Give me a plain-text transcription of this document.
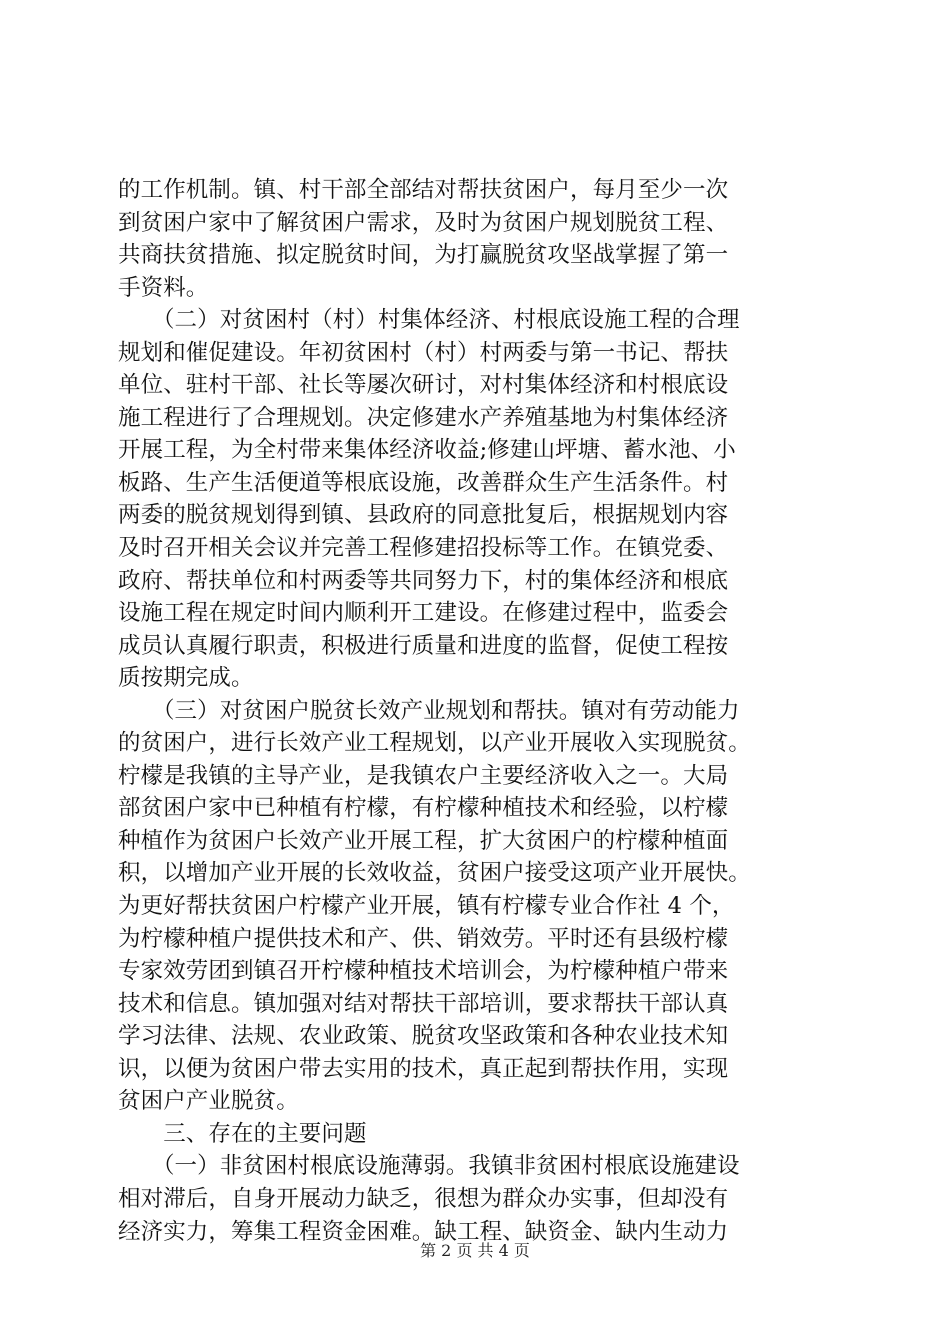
的工作机制。镇、村干部全部结对帮扶贫困户，每月至少一次
到贫困户家中了解贫困户需求，及时为贫困户规划脱贫工程、
共商扶贫措施、拟定脱贫时间，为打赢脱贫攻坚战掌握了第一
手资料。
　　（二）对贫困村（村）村集体经济、村根底设施工程的合理
规划和催促建设。年初贫困村（村）村两委与第一书记、帮扶
单位、驻村干部、社长等屡次研讨，对村集体经济和村根底设
施工程进行了合理规划。决定修建水产养殖基地为村集体经济
开展工程，为全村带来集体经济收益;修建山坪塘、蓄水池、小
板路、生产生活便道等根底设施，改善群众生产生活条件。村
两委的脱贫规划得到镇、县政府的同意批复后，根据规划内容
及时召开相关会议并完善工程修建招投标等工作。在镇党委、
政府、帮扶单位和村两委等共同努力下，村的集体经济和根底
设施工程在规定时间内顺利开工建设。在修建过程中，监委会
成员认真履行职责，积极进行质量和进度的监督，促使工程按
质按期完成。
　　（三）对贫困户脱贫长效产业规划和帮扶。镇对有劳动能力
的贫困户，进行长效产业工程规划，以产业开展收入实现脱贫。
柠檬是我镇的主导产业，是我镇农户主要经济收入之一。大局
部贫困户家中已种植有柠檬，有柠檬种植技术和经验，以柠檬
种植作为贫困户长效产业开展工程，扩大贫困户的柠檬种植面
积，以增加产业开展的长效收益，贫困户接受这项产业开展快。
为更好帮扶贫困户柠檬产业开展，镇有柠檬专业合作社 4 个，
为柠檬种植户提供技术和产、供、销效劳。平时还有县级柠檬
专家效劳团到镇召开柠檬种植技术培训会，为柠檬种植户带来
技术和信息。镇加强对结对帮扶干部培训，要求帮扶干部认真
学习法律、法规、农业政策、脱贫攻坚政策和各种农业技术知
识，以便为贫困户带去实用的技术，真正起到帮扶作用，实现
贫困户产业脱贫。
　　三、存在的主要问题
　　（一）非贫困村根底设施薄弱。我镇非贫困村根底设施建设
相对滞后，自身开展动力缺乏，很想为群众办实事，但却没有
经济实力，筹集工程资金困难。缺工程、缺资金、缺内生动力
第 2 页 共 4 页
